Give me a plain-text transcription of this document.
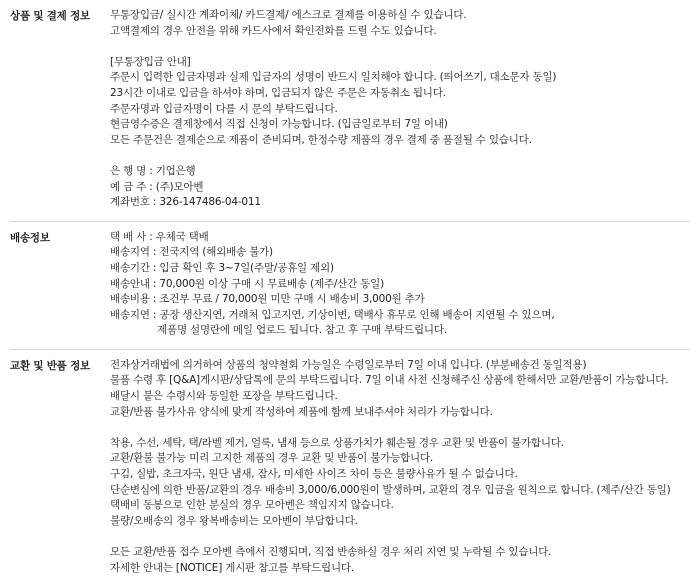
상품 및 결제 정보	무통장입금/ 실시간 계좌이체/ 카드결제/ 에스크로 결제를 이용하실 수 있습니다.
고액결제의 경우 안전을 위해 카드사에서 확인전화를 드릴 수도 있습니다.
[무통장입금 안내]
주문시 입력한 입금자명과 실제 입금자의 성명이 반드시 일치해야 합니다. (띄어쓰기, 대소문자 동일)
23시간 이내로 입금을 하셔야 하며, 입금되지 않은 주문은 자동취소 됩니다.
주문자명과 입금자명이 다를 시 문의 부탁드립니다.
현금영수증은 결제창에서 직접 신청이 가능합니다. (입금일로부터 7일 이내)
모든 주문건은 결제순으로 제품이 준비되며, 한정수량 제품의 경우 결제 중 품절될 수 있습니다.
은 행 명 : 기업은행
예 금 주 : (주)모아벤
계좌번호 : 326-147486-04-011
배송정보	택 배 사 : 우체국 택배
배송지역 : 전국지역 (해외배송 불가)
배송기간 : 입금 확인 후 3~7일(주말/공휴일 제외)
배송안내 : 70,000원 이상 구매 시 무료배송 (제주/산간 동일)
배송비용 : 조건부 무료 / 70,000원 미만 구매 시 배송비 3,000원 추가
배송지연 : 공장 생산지연, 거래처 입고지연, 기상이변, 택배사 휴무로 인해 배송이 지연될 수 있으며,
제품명 설명란에 메일 업로드 됩니다. 참고 후 구매 부탁드립니다.
교환 및 반품 정보	전자상거래법에 의거하여 상품의 청약철회 가능일은 수령일로부터 7일 이내 입니다. (부분배송건 동일적용)
물품 수령 후 [Q&A]게시판/상담톡에 문의 부탁드립니다. 7일 이내 사전 신청해주신 상품에 한해서만 교환/반품이 가능합니다.
배달시 붙은 수령시와 동일한 포장을 부탁드립니다.
교환/반품 불가사유 양식에 맞게 작성하여 제품에 함께 보내주셔야 처리가 가능합니다.
착용, 수선, 세탁, 택/라벨 제거, 얼룩, 냄새 등으로 상품가치가 훼손될 경우 교환 및 반품이 불가합니다.
교환/환불 불가능 미리 고지한 제품의 경우 교환 및 반품이 불가능합니다.
구김, 실밥, 초크자국, 원단 냄새, 잠사, 미세한 사이즈 차이 등은 불량사유가 될 수 없습니다.
단순변심에 의한 반품/교환의 경우 배송비 3,000/6,000원이 발생하며, 교환의 경우 입금을 원칙으로 합니다. (제주/산간 동일)
택배비 동봉으로 인한 분실의 경우 모아벤은 책임지지 않습니다.
불량/오배송의 경우 왕복배송비는 모아벤이 부담합니다.
모든 교환/반품 접수 모아벤 측에서 진행되며, 직접 반송하실 경우 처리 지연 및 누락될 수 있습니다.
자세한 안내는 [NOTICE] 게시판 참고를 부탁드립니다.
